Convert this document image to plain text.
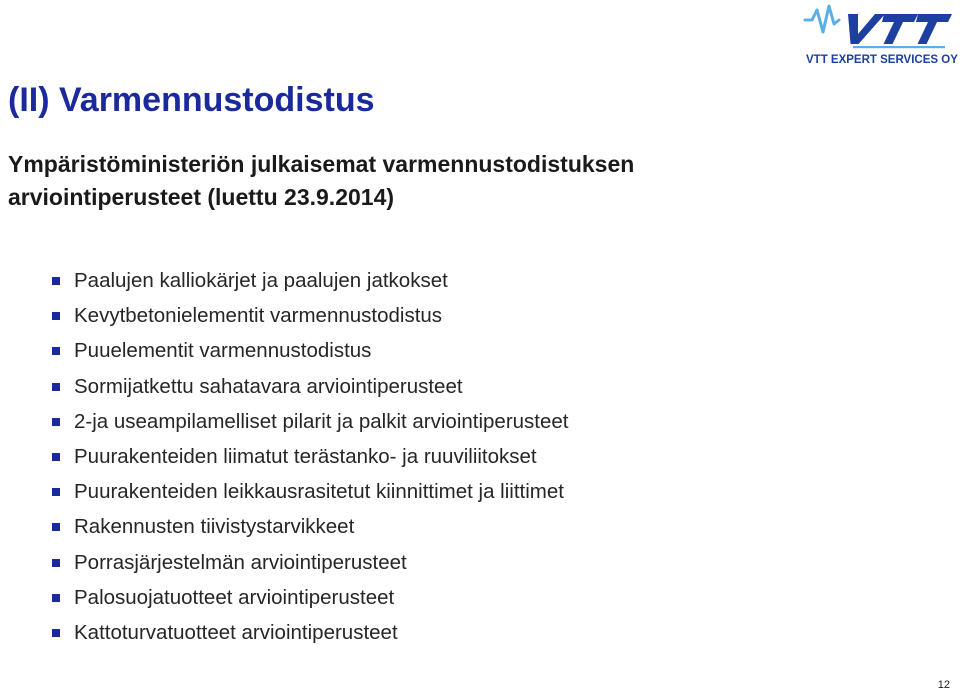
VTT EXPERT SERVICES OY
(II) Varmennustodistus
Ympäristöministeriön julkaisemat varmennustodistuksen
arviointiperusteet (luettu 23.9.2014)
Paalujen kalliokärjet ja paalujen jatkokset
Kevytbetonielementit varmennustodistus
Puuelementit varmennustodistus
Sormijatkettu sahatavara arviointiperusteet
2-ja useampilamelliset pilarit ja palkit arviointiperusteet
Puurakenteiden liimatut terästanko- ja ruuviliitokset
Puurakenteiden leikkausrasitetut kiinnittimet ja liittimet
Rakennusten tiivistystarvikkeet
Porrasjärjestelmän arviointiperusteet
Palosuojatuotteet arviointiperusteet
Kattoturvatuotteet arviointiperusteet
12
